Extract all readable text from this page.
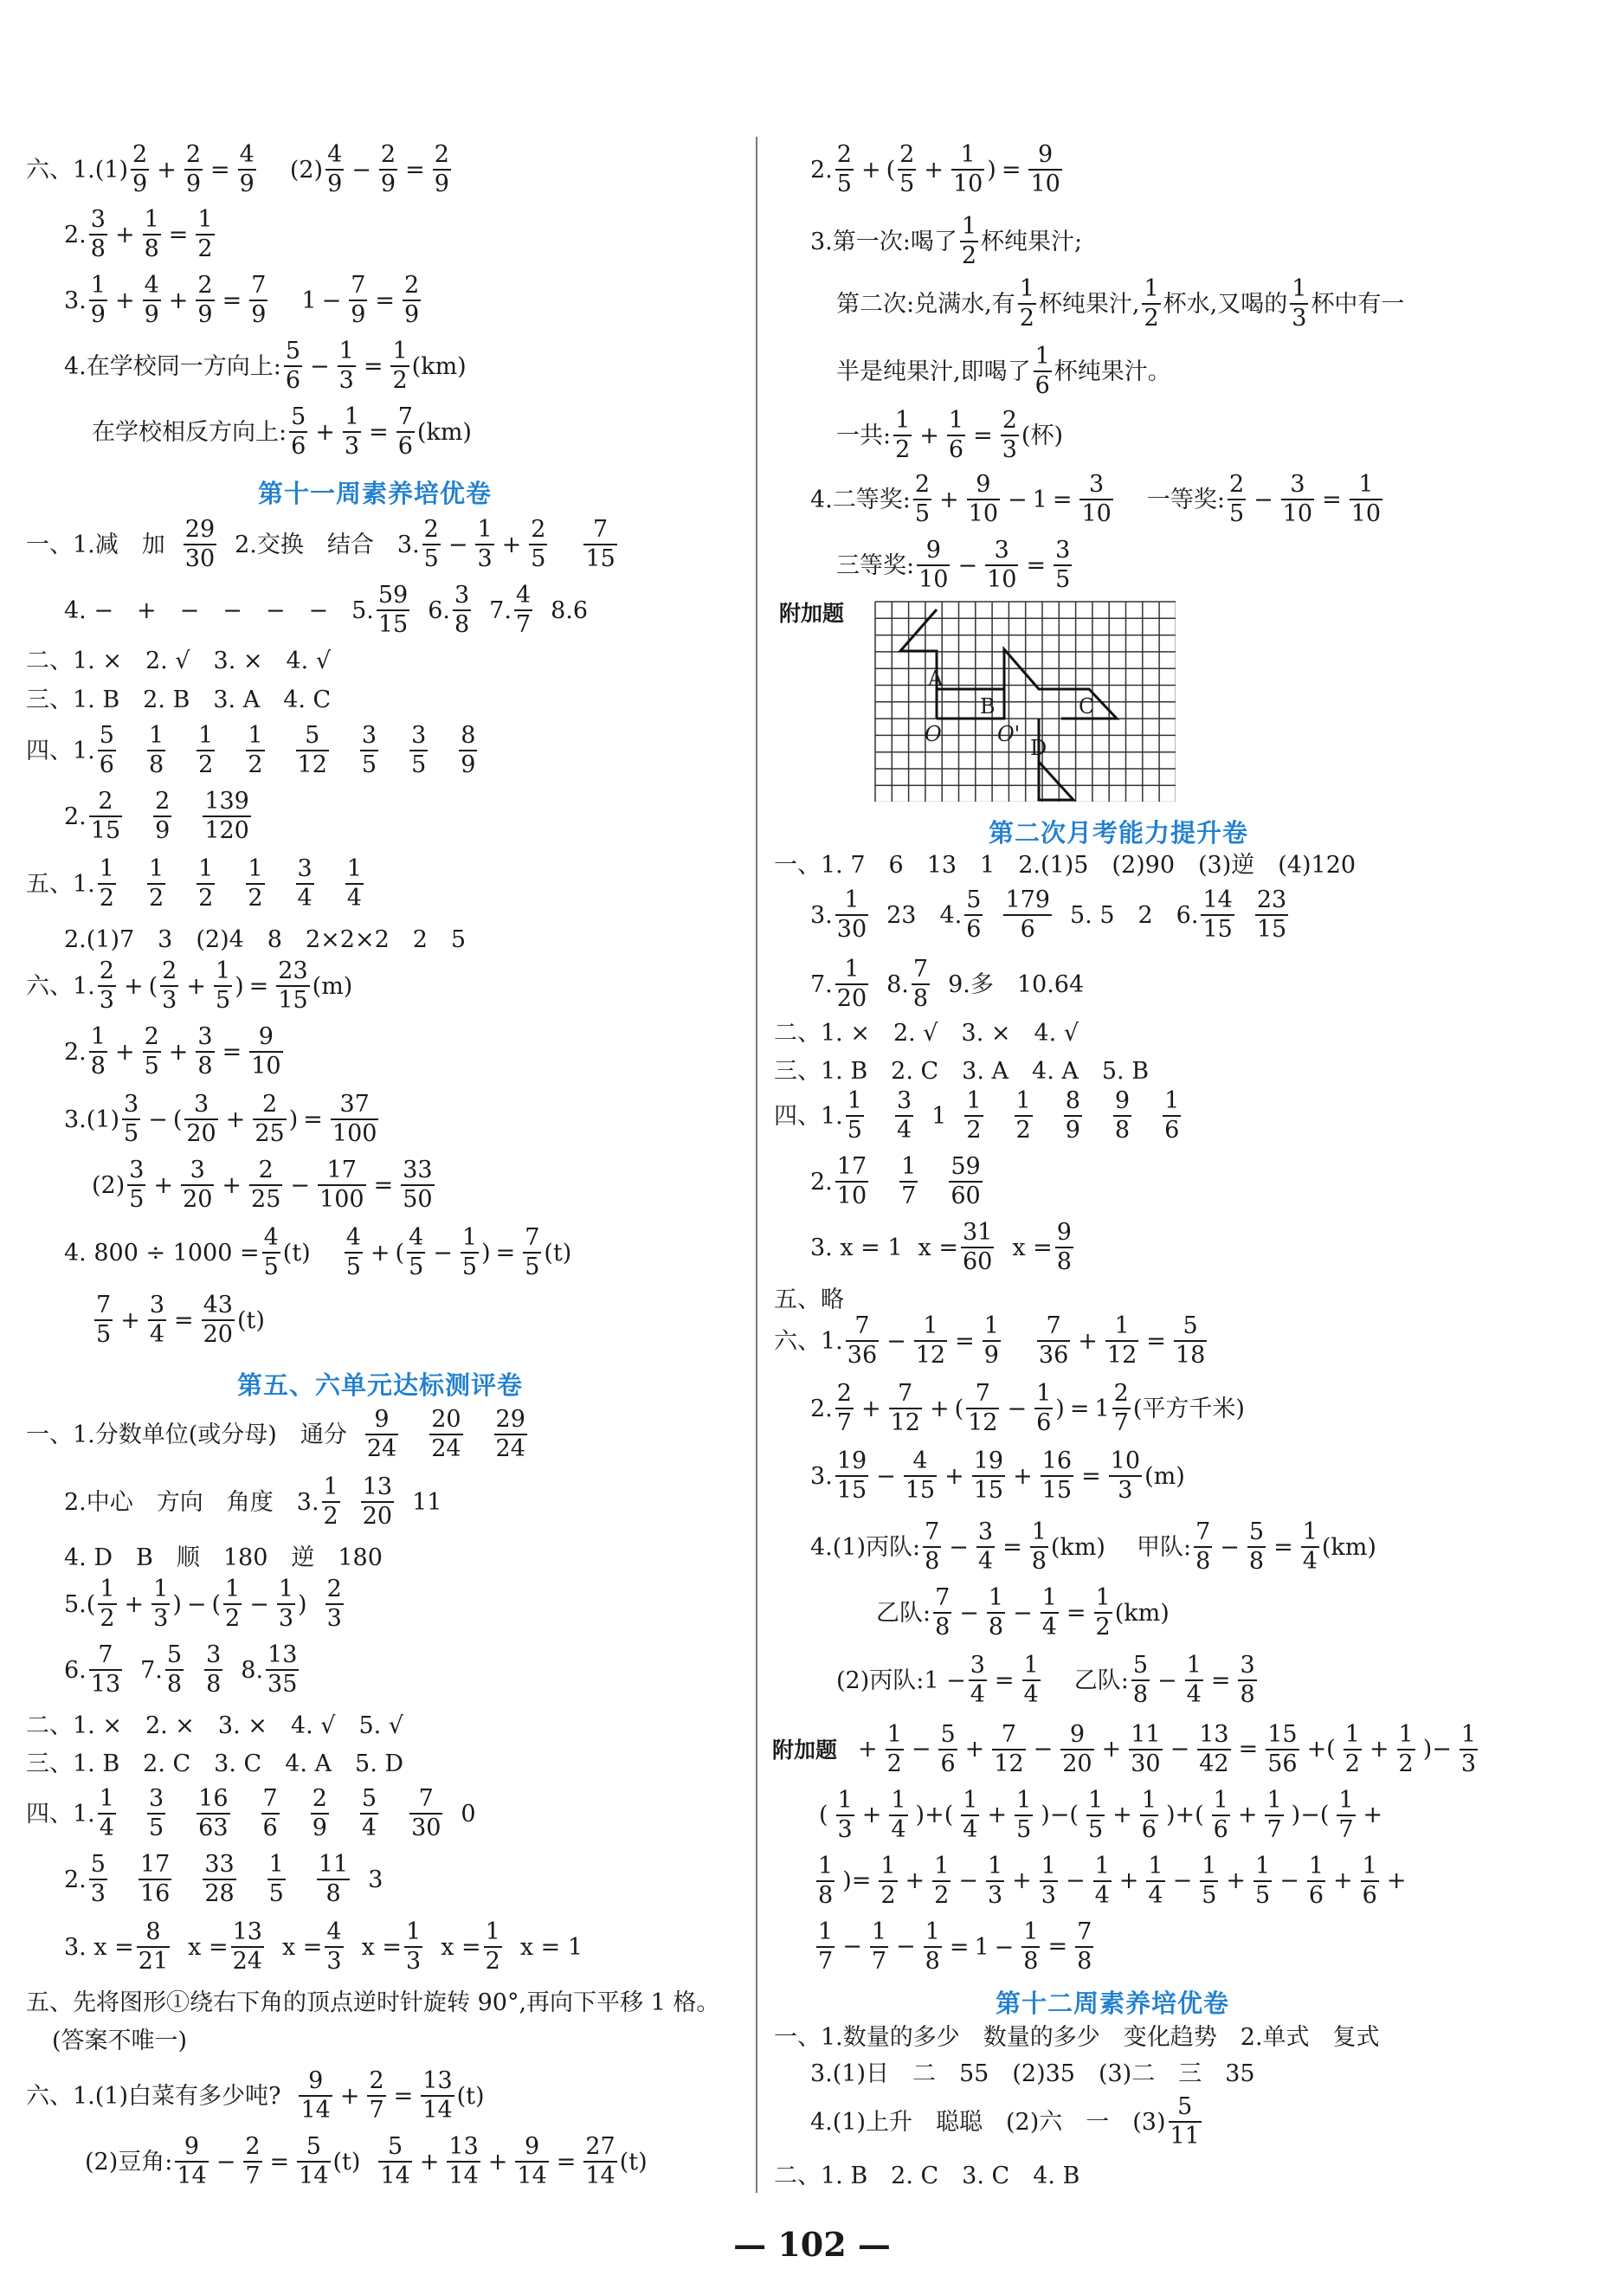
六、1.(1)
2
9
+
2
9
=
4
9
(2)
4
9
−
2
9
=
2
9
2.
3
8
+
1
8
=
1
2
3.
1
9
+
4
9
+
2
9
=
7
9
1 −
7
9
=
2
9
4.在学校同一方向上:
5
6
−
1
3
=
1
2
(km)
在学校相反方向上:
5
6
+
1
3
=
7
6
(km)
第十一周素养培优卷
一、1.减　加
29
30
2.交换　结合　3.
2
5
−
1
3
+
2
5
7
15
4. −　+　−　−　−　−　5.
59
15
6.
3
8
7.
4
7
8.6
二、1. ×　2. √　3. ×　4. √
三、1. B　2. B　3. A　4. C
四、1. $\frac{5}{6} \frac{1}{8} \frac{1}{2} \frac{1}{2} \frac{5}{12} \frac{3}{5} \frac{3}{5} \frac{8}{9}$
2. $\frac{2}{15} \frac{2}{9} \frac{139}{120}$
五、1. $\frac{1}{2} \frac{1}{2} \frac{1}{2} \frac{1}{2} \frac{3}{4} \frac{1}{4}$
2.(1)7　3　(2)4　8　2×2×2　2　5
六、1.
2
3
+ (
2
3
+
1
5
) =
23
15
(m)
2.
1
8
+
2
5
+
3
8
=
9
10
3.(1)
3
5
− (
3
20
+
2
25
) =
37
100
(2)
3
5
+
3
20
+
2
25
−
17
100
=
33
50
4. 800 ÷ 1000 =
4
5
(t)
4
5
+ (
4
5
−
1
5
) =
7
5
(t)
7
5
+
3
4
=
43
20
(t)
第五、六单元达标测评卷
一、1.分数单位(或分母)　通分 $\frac{9}{24} \frac{20}{24} \frac{29}{24}$
2.中心　方向　角度　3.
1
2
13
20
11
4. D　B　顺　180　逆　180
5. (
1
2
+
1
3
) − (
1
2
−
1
3
)
2
3
6.
7
13
7.
5
8
3
8
8.
13
35
二、1. ×　2. ×　3. ×　4. √　5. √
三、1. B　2. C　3. C　4. A　5. D
四、1. $\frac{1}{4} \frac{3}{5} \frac{16}{63} \frac{7}{6} \frac{2}{9} \frac{5}{4} \frac{7}{30} 0$
2. $\frac{5}{3} \frac{17}{16} \frac{33}{28} \frac{1}{5} \frac{11}{8} 3$
3. x =
8
21
x =
13
24
x =
4
3
x =
1
3
x =
1
2
x = 1
五、先将图形①绕右下角的顶点逆时针旋转 90°,再向下平移 1 格。
(答案不唯一)
六、1.(1)白菜有多少吨?
9
14
+
2
7
=
13
14
(t)
(2)豆角:
9
14
−
2
7
=
5
14
(t)
5
14
+
13
14
+
9
14
=
27
14
(t)
2.
2
5
+ (
2
5
+
1
10
) =
9
10
3.第一次:喝了
1
2
杯纯果汁;
第二次:兑满水,有
1
2
杯纯果汁,
1
2
杯水,又喝的
1
3
杯中有一
半是纯果汁,即喝了
1
6
杯纯果汁。
一共:
1
2
+
1
6
=
2
3
(杯)
4.二等奖:
2
5
+
9
10
− 1 =
3
10
一等奖:
2
5
−
3
10
=
1
10
三等奖:
9
10
−
3
10
=
3
5
附加题
A
B	C
D
O	O'
第二次月考能力提升卷
一、1. 7　6　13　1　2.(1)5　(2)90　(3)逆　(4)120
3.
1
30
23　4.
5
6
179
6
5. 5　2　6.
14
15
23
15
7.
1
20
8.
7
8
9.多　10.64
二、1. ×　2. √　3. ×　4. √
三、1. B　2. C　3. A　4. A　5. B
四、1. $\frac{1}{5} \frac{3}{4} 1 \frac{1}{2} \frac{1}{2} \frac{8}{9} \frac{9}{8} \frac{1}{6}$
2. $\frac{17}{10} \frac{1}{7} \frac{59}{60}$
3. x = 1 x =
31
60
x =
9
8
五、略
六、1.
7
36
−
1
12
=
1
9
7
36
+
1
12
=
5
18
2.
2
7
+
7
12
+ (
7
12
−
1
6
) = 1
2
7
(平方千米)
3.
19
15
−
4
15
+
19
15
+
16
15
=
10
3
(m)
4.(1)丙队:
7
8
−
3
4
=
1
8
(km) 甲队:
7
8
−
5
8
=
1
4
(km)
乙队:
7
8
−
1
8
−
1
4
=
1
2
(km)
(2)丙队:1 −
3
4
=
1
4
乙队:
5
8
−
1
4
=
3
8
附加题 + $\frac{1}{2} - \frac{5}{6} + \frac{7}{12} - \frac{9}{20} + \frac{11}{30} - \frac{13}{42} = \frac{15}{56}$ +( $\frac{1}{2} + \frac{1}{2}$ )− $\frac{1}{3}$
( $\frac{1}{3} + \frac{1}{4}$ )+( $\frac{1}{4} + \frac{1}{5}$ )−( $\frac{1}{5} + \frac{1}{6}$ )+( $\frac{1}{6} + \frac{1}{7}$ )−( $\frac{1}{7}$ +
$\frac{1}{8}$ )= $\frac{1}{2} + \frac{1}{2} - \frac{1}{3} + \frac{1}{3} - \frac{1}{4} + \frac{1}{4} - \frac{1}{5} + \frac{1}{5} - \frac{1}{6} + \frac{1}{6}$ +
$\frac{1}{7} - \frac{1}{7} - \frac{1}{8} = 1 - \frac{1}{8} = \frac{7}{8}$
第十二周素养培优卷
一、1.数量的多少　数量的多少　变化趋势　2.单式　复式
3.(1)日　二　55　(2)35　(3)二　三　35
4.(1)上升　聪聪　(2)六　一　(3)
5
11
二、1. B　2. C　3. C　4. B
— 102 —
